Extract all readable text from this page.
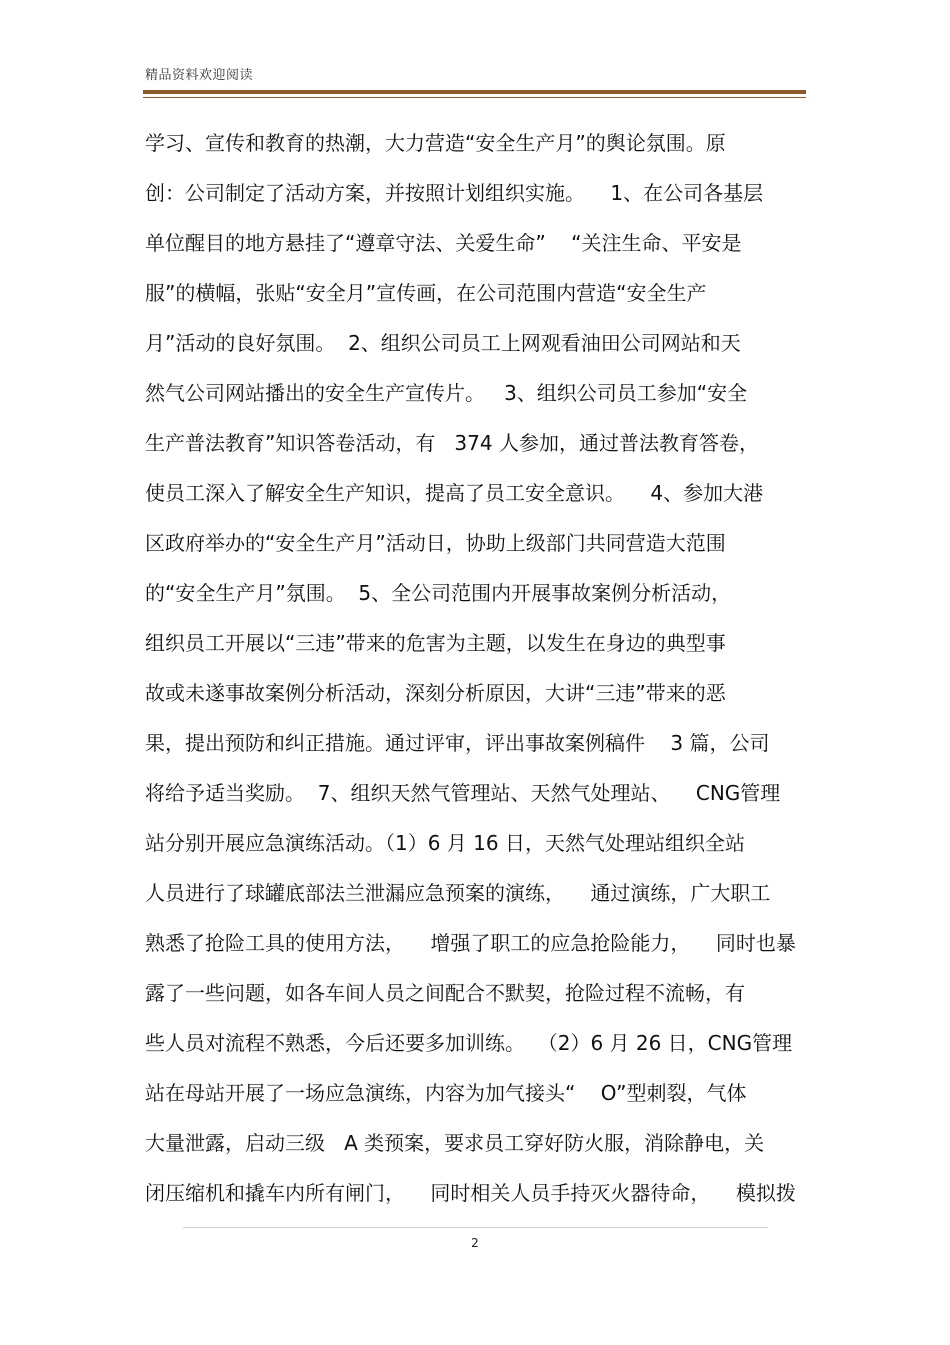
精品资料欢迎阅读
学习、宣传和教育的热潮，大力营造“安全生产月”的舆论氛围。原
创：公司制定了活动方案，并按照计划组织实施。    1、在公司各基层
单位醒目的地方悬挂了“遵章守法、关爱生命”    “关注生命、平安是
服”的横幅，张贴“安全月”宣传画，在公司范围内营造“安全生产
月”活动的良好氛围。  2、组织公司员工上网观看油田公司网站和天
然气公司网站播出的安全生产宣传片。   3、组织公司员工参加“安全
生产普法教育”知识答卷活动，有   374 人参加，通过普法教育答卷，
使员工深入了解安全生产知识，提高了员工安全意识。    4、参加大港
区政府举办的“安全生产月”活动日，协助上级部门共同营造大范围
的“安全生产月”氛围。  5、全公司范围内开展事故案例分析活动，
组织员工开展以“三违”带来的危害为主题，以发生在身边的典型事
故或未遂事故案例分析活动，深刻分析原因，大讲“三违”带来的恶
果，提出预防和纠正措施。通过评审，评出事故案例稿件    3 篇，公司
将给予适当奖励。  7、组织天然气管理站、天然气处理站、    CNG管理
站分别开展应急演练活动。（1）6 月 16 日，天然气处理站组织全站
人员进行了球罐底部法兰泄漏应急预案的演练，    通过演练，广大职工
熟悉了抢险工具的使用方法，    增强了职工的应急抢险能力，    同时也暴
露了一些问题，如各车间人员之间配合不默契，抢险过程不流畅，有
些人员对流程不熟悉，今后还要多加训练。  （2）6 月 26 日，CNG管理
站在母站开展了一场应急演练，内容为加气接头“    O”型刺裂，气体
大量泄露，启动三级   A 类预案，要求员工穿好防火服，消除静电，关
闭压缩机和撬车内所有闸门，    同时相关人员手持灭火器待命，    模拟拨
2
